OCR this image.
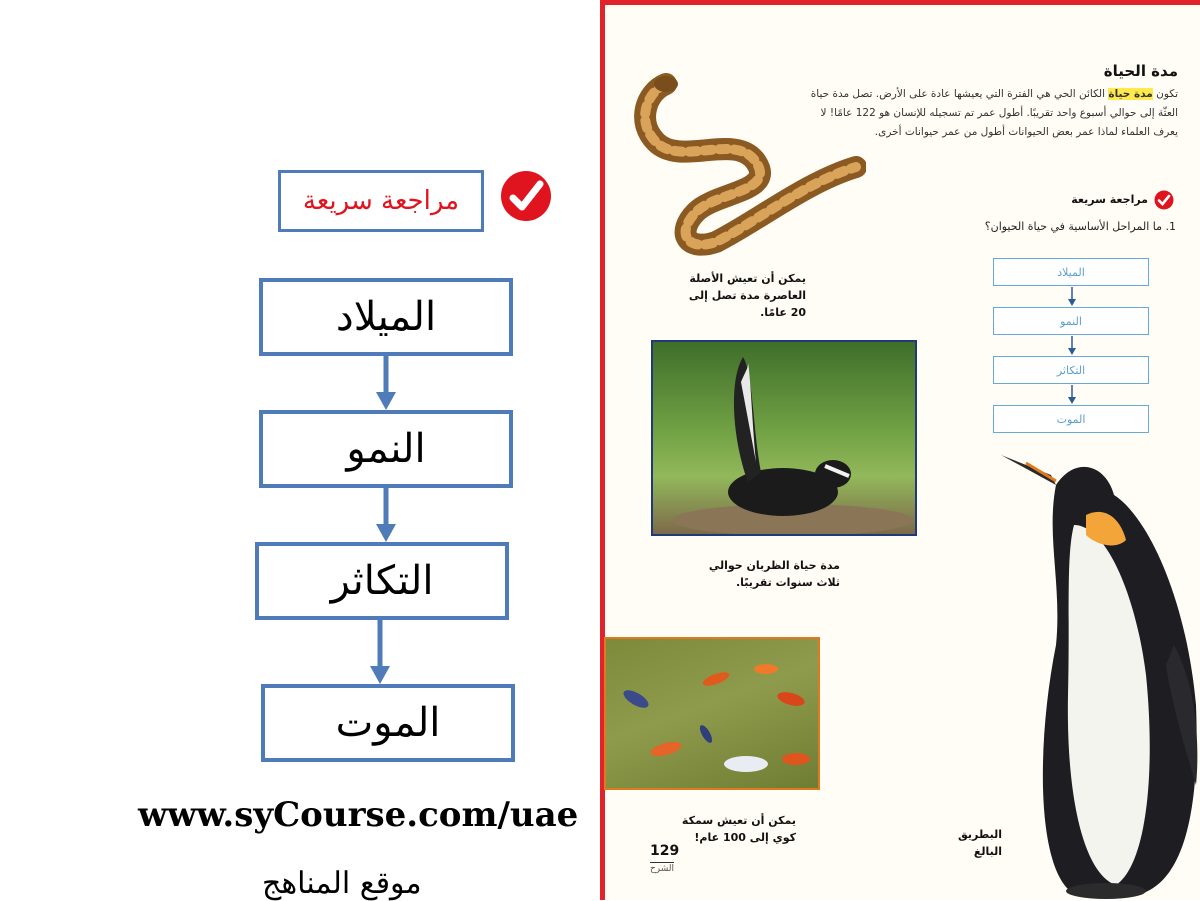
مراجعة سريعة
الميلاد
النمو
التكاثر
الموت
www.syCourse.com/uae
موقع المناهج
مدة الحياة
تكون مدة حياة الكائن الحي هي الفترة التي يعيشها عادة على الأرض. تصل مدة حياة العثّة إلى حوالي أسبوع واحد تقريبًا. أطول عمر تم تسجيله للإنسان هو 122 عامًا! لا يعرف العلماء لماذا عمر بعض الحيوانات أطول من عمر حيوانات أخرى.
مراجعة سريعة
1. ما المراحل الأساسية في حياة الحيوان؟
الميلاد
النمو
التكاثر
الموت
يمكن أن تعيش الأصلة العاصرة مدة تصل إلى 20 عامًا.
مدة حياة الظربان حوالي ثلاث سنوات تقريبًا.
يمكن أن تعيش سمكة كوي إلى 100 عام!	البطريق البالغ
129
الشرح
